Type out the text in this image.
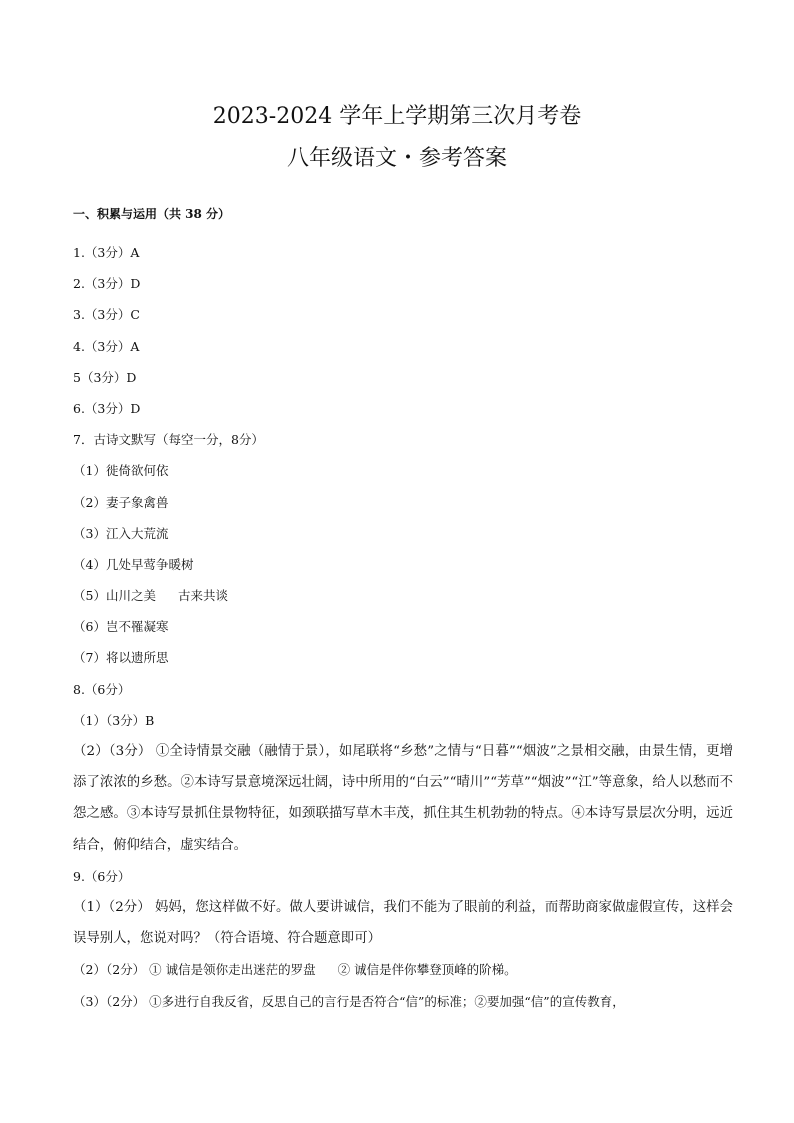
2023-2024 学年上学期第三次月考卷
八年级语文・参考答案
一、积累与运用（共 38 分）
1.（3分）A
2.（3分）D
3.（3分）C
4.（3分）A
5（3分）D
6.（3分）D
7．古诗文默写（每空一分，8分）
（1）徙倚欲何依
（2）妻子象禽兽
（3）江入大荒流
（4）几处早莺争暖树
（5）山川之美 古来共谈
（6）岂不罹凝寒
（7）将以遗所思
8.（6分）
（1）（3分）B
（2）（3分） ①全诗情景交融（融情于景），如尾联将“乡愁”之情与“日暮”“烟波”之景相交融，由景生情，更增添了浓浓的乡愁。②本诗写景意境深远壮阔，诗中所用的“白云”“晴川”“芳草”“烟波”“江”等意象，给人以愁而不怨之感。③本诗写景抓住景物特征，如颈联描写草木丰茂，抓住其生机勃勃的特点。④本诗写景层次分明，远近结合，俯仰结合，虚实结合。
9.（6分）
（1）（2分） 妈妈，您这样做不好。做人要讲诚信，我们不能为了眼前的利益，而帮助商家做虚假宣传，这样会误导别人，您说对吗？（符合语境、符合题意即可）
（2）（2分） ① 诚信是领你走出迷茫的罗盘 ② 诚信是伴你攀登顶峰的阶梯。
（3）（2分） ①多进行自我反省，反思自己的言行是否符合“信”的标准；②要加强“信”的宣传教育，
